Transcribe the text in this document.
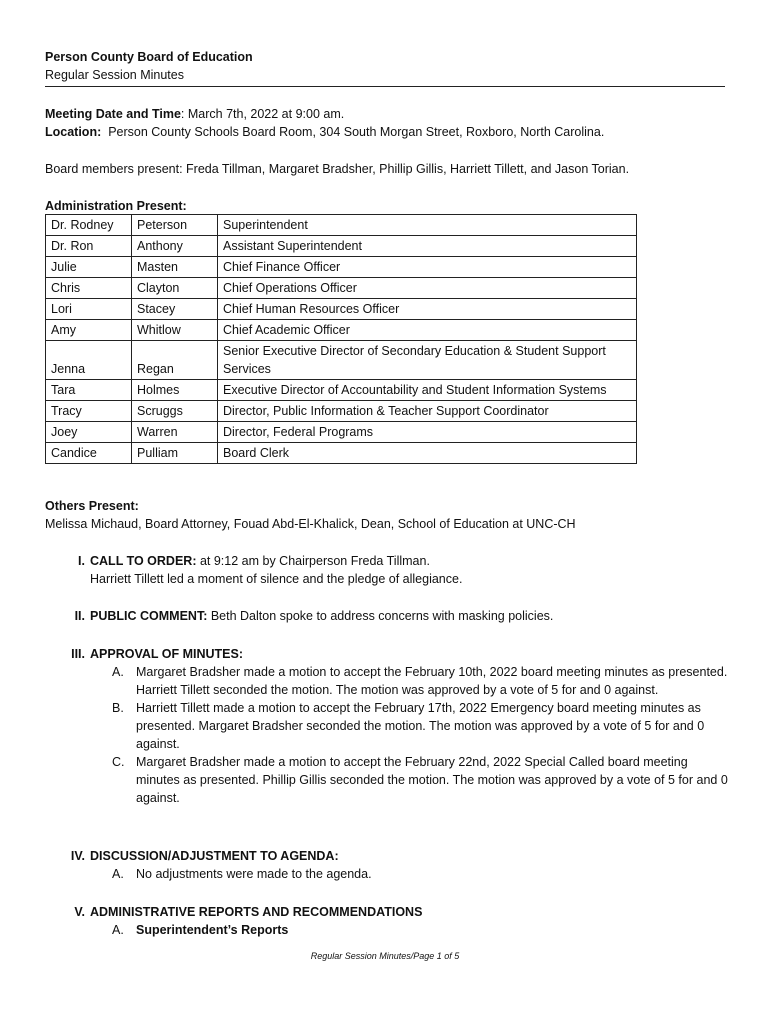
Person County Board of Education
Regular Session Minutes
Meeting Date and Time: March 7th, 2022 at 9:00 am.
Location:  Person County Schools Board Room, 304 South Morgan Street, Roxboro, North Carolina.
Board members present: Freda Tillman, Margaret Bradsher, Phillip Gillis, Harriett Tillett, and Jason Torian.
Administration Present:
Dr. Rodney	Peterson	Superintendent
Dr. Ron	Anthony	Assistant Superintendent
Julie	Masten	Chief Finance Officer
Chris	Clayton	Chief Operations Officer
Lori	Stacey	Chief Human Resources Officer
Amy	Whitlow	Chief Academic Officer
Jenna	Regan	Senior Executive Director of Secondary Education & Student Support Services
Tara	Holmes	Executive Director of Accountability and Student Information Systems
Tracy	Scruggs	Director, Public Information & Teacher Support Coordinator
Joey	Warren	Director, Federal Programs
Candice	Pulliam	Board Clerk
Others Present:
Melissa Michaud, Board Attorney, Fouad Abd-El-Khalick, Dean, School of Education at UNC-CH
I. CALL TO ORDER: at 9:12 am by Chairperson Freda Tillman.
Harriett Tillett led a moment of silence and the pledge of allegiance.
II. PUBLIC COMMENT: Beth Dalton spoke to address concerns with masking policies.
III. APPROVAL OF MINUTES:
A. Margaret Bradsher made a motion to accept the February 10th, 2022 board meeting minutes as presented. Harriett Tillett seconded the motion. The motion was approved by a vote of 5 for and 0 against.
B. Harriett Tillett made a motion to accept the February 17th, 2022 Emergency board meeting minutes as presented. Margaret Bradsher seconded the motion. The motion was approved by a vote of 5 for and 0 against.
C. Margaret Bradsher made a motion to accept the February 22nd, 2022 Special Called board meeting minutes as presented. Phillip Gillis seconded the motion. The motion was approved by a vote of 5 for and 0 against.
IV. DISCUSSION/ADJUSTMENT TO AGENDA:
A. No adjustments were made to the agenda.
V. ADMINISTRATIVE REPORTS AND RECOMMENDATIONS
A. Superintendent’s Reports
Regular Session Minutes/Page 1 of 5
